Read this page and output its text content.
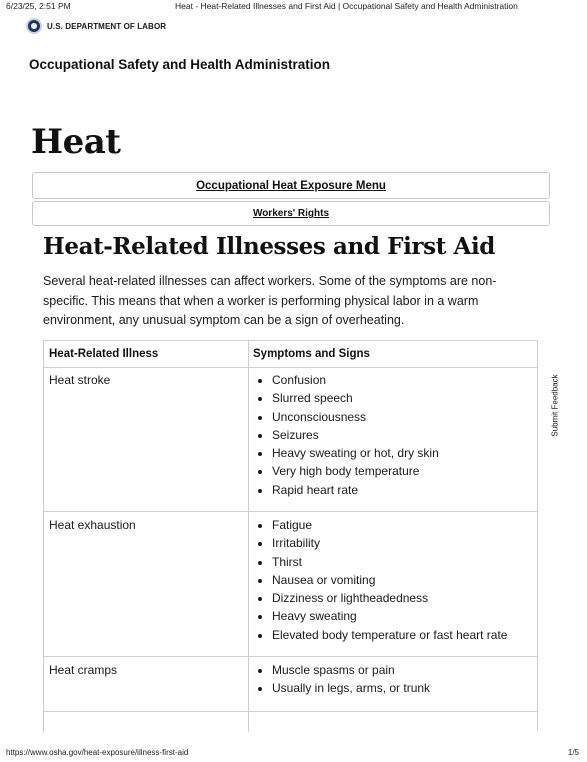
6/23/25, 2:51 PM	Heat - Heat-Related Illnesses and First Aid | Occupational Safety and Health Administration
U.S. DEPARTMENT OF LABOR
Occupational Safety and Health Administration
Heat
Occupational Heat Exposure Menu
Workers' Rights
Heat-Related Illnesses and First Aid

Several heat-related illnesses can affect workers. Some of the symptoms are non-specific. This means that when a worker is performing physical labor in a warm environment, any unusual symptom can be a sign of overheating.

Heat-Related Illness	Symptoms and Signs
Heat stroke	• Confusion
• Slurred speech
• Unconsciousness
• Seizures
• Heavy sweating or hot, dry skin
• Very high body temperature
• Rapid heart rate
Heat exhaustion	• Fatigue
• Irritability
• Thirst
• Nausea or vomiting
• Dizziness or lightheadedness
• Heavy sweating
• Elevated body temperature or fast heart rate
Heat cramps	• Muscle spasms or pain
• Usually in legs, arms, or trunk
Submit Feedback
https://www.osha.gov/heat-exposure/illness-first-aid	1/5
